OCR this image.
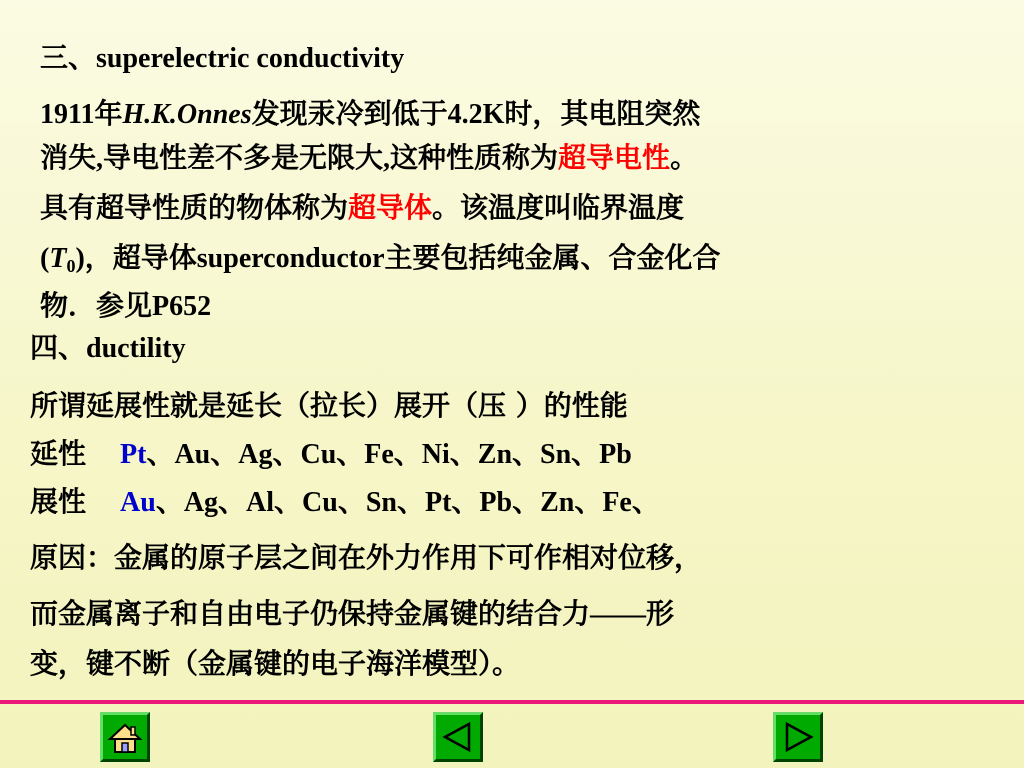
三、superelectric conductivity
1911年H.K.Onnes发现汞冷到低于4.2K时，其电阻突然
消失,导电性差不多是无限大,这种性质称为超导电性。
具有超导性质的物体称为超导体。该温度叫临界温度
$(T_0)$，超导体superconductor主要包括纯金属、合金化合
物．参见P652
四、ductility
所谓延展性就是延长（拉长）展开（压 ）的性能
延性 Pt、Au、Ag、Cu、Fe、Ni、Zn、Sn、Pb
展性 Au、Ag、Al、Cu、Sn、Pt、Pb、Zn、Fe、
原因：金属的原子层之间在外力作用下可作相对位移，
而金属离子和自由电子仍保持金属键的结合力——形
变，键不断（金属键的电子海洋模型）。
